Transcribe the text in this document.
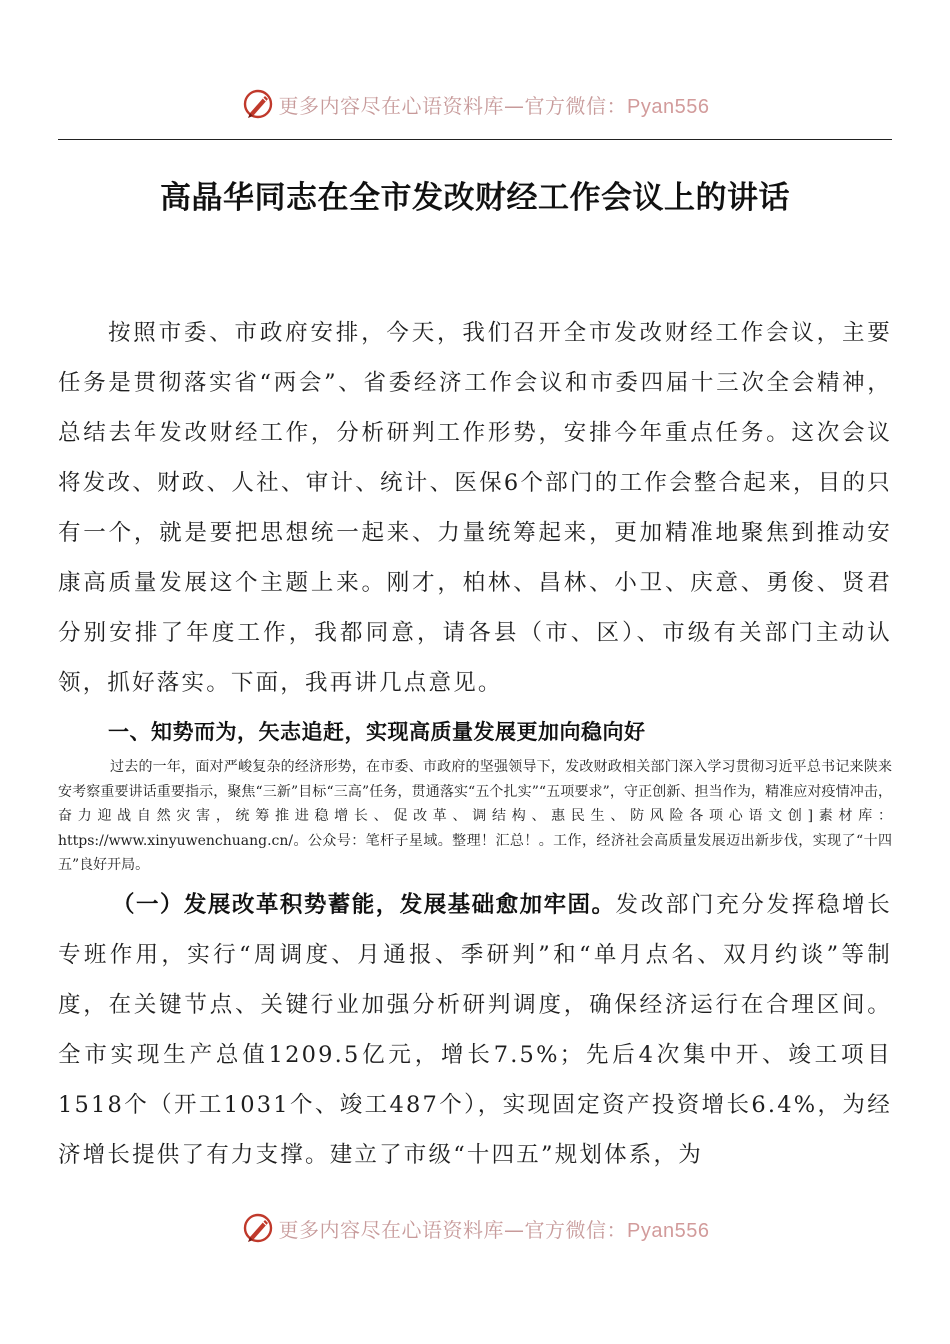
更多内容尽在心语资料库—官方微信：Pyan556
高晶华同志在全市发改财经工作会议上的讲话

按照市委、市政府安排，今天，我们召开全市发改财经工作会议，主要任务是贯彻落实省“两会”、省委经济工作会议和市委四届十三次全会精神，总结去年发改财经工作，分析研判工作形势，安排今年重点任务。这次会议将发改、财政、人社、审计、统计、医保6个部门的工作会整合起来，目的只有一个，就是要把思想统一起来、力量统筹起来，更加精准地聚焦到推动安康高质量发展这个主题上来。刚才，柏林、昌林、小卫、庆意、勇俊、贤君分别安排了年度工作，我都同意，请各县（市、区）、市级有关部门主动认领，抓好落实。下面，我再讲几点意见。

一、知势而为，矢志追赶，实现高质量发展更加向稳向好

过去的一年，面对严峻复杂的经济形势，在市委、市政府的坚强领导下，发改财政相关部门深入学习贯彻习近平总书记来陕来安考察重要讲话重要指示，聚焦“三新”目标“三高”任务，贯通落实“五个扎实”“五项要求”，守正创新、担当作为，精准应对疫情冲击，奋力迎战自然灾害，统筹推进稳增长、促改革、调结构、惠民生、防风险各项心语文创]素材库：https://www.xinyuwenchuang.cn/。公众号：笔杆子星域。整理！汇总！。工作，经济社会高质量发展迈出新步伐，实现了“十四五”良好开局。

（一）发展改革积势蓄能，发展基础愈加牢固。发改部门充分发挥稳增长专班作用，实行“周调度、月通报、季研判”和“单月点名、双月约谈”等制度，在关键节点、关键行业加强分析研判调度，确保经济运行在合理区间。全市实现生产总值1209.5亿元，增长7.5%；先后4次集中开、竣工项目1518个（开工1031个、竣工487个），实现固定资产投资增长6.4%，为经济增长提供了有力支撑。建立了市级“十四五”规划体系，为

更多内容尽在心语资料库—官方微信：Pyan556
